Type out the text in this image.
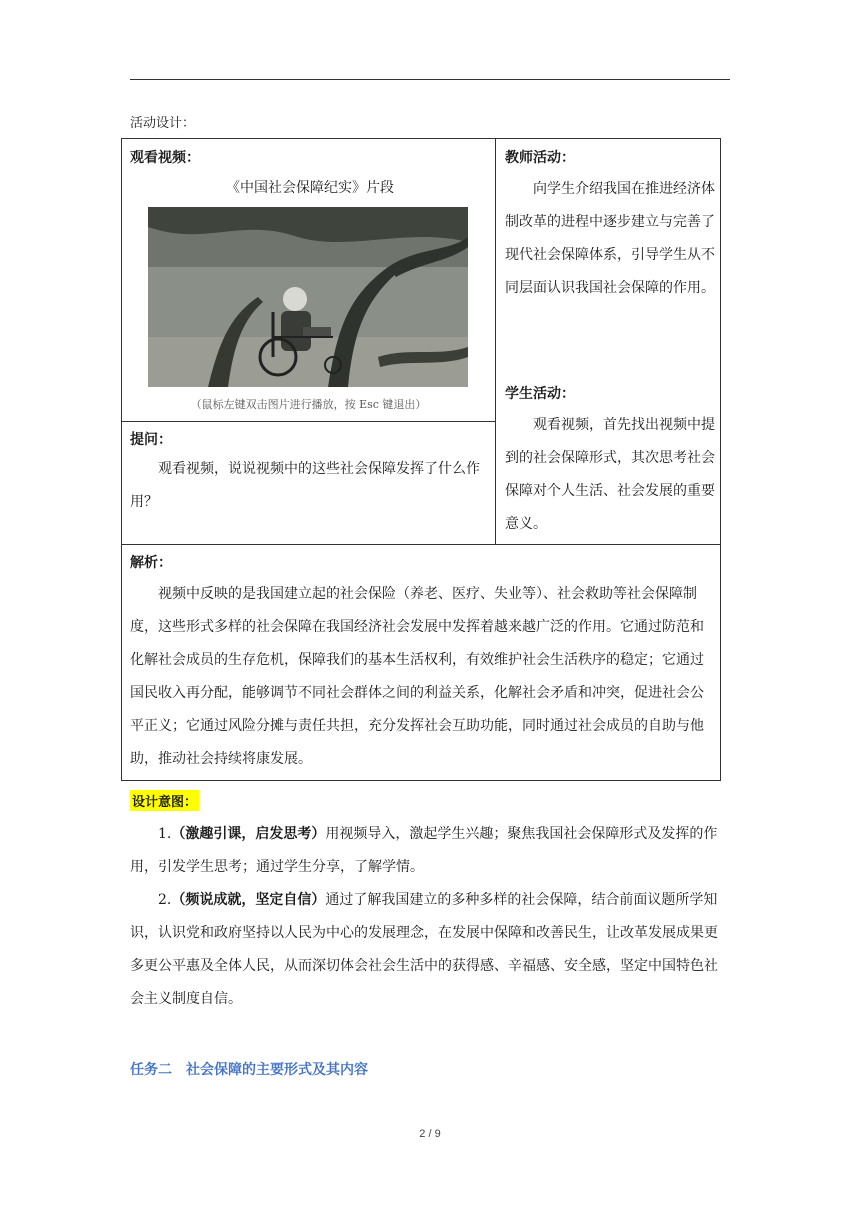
活动设计：
观看视频：
《中国社会保障纪实》片段
（鼠标左键双击图片进行播放，按 Esc 键退出）
教师活动：
向学生介绍我国在推进经济体制改革的进程中逐步建立与完善了现代社会保障体系，引导学生从不同层面认识我国社会保障的作用。
学生活动：
观看视频，首先找出视频中提到的社会保障形式，其次思考社会保障对个人生活、社会发展的重要意义。
提问：
观看视频，说说视频中的这些社会保障发挥了什么作用？
解析：
视频中反映的是我国建立起的社会保险（养老、医疗、失业等）、社会救助等社会保障制度，这些形式多样的社会保障在我国经济社会发展中发挥着越来越广泛的作用。它通过防范和化解社会成员的生存危机，保障我们的基本生活权利，有效维护社会生活秩序的稳定；它通过国民收入再分配，能够调节不同社会群体之间的利益关系，化解社会矛盾和冲突，促进社会公平正义；它通过风险分摊与责任共担，充分发挥社会互助功能，同时通过社会成员的自助与他助，推动社会持续将康发展。
设计意图：
1.（激趣引课，启发思考）用视频导入，激起学生兴趣；聚焦我国社会保障形式及发挥的作用，引发学生思考；通过学生分享，了解学情。
2.（频说成就，坚定自信）通过了解我国建立的多种多样的社会保障，结合前面议题所学知识，认识党和政府坚持以人民为中心的发展理念，在发展中保障和改善民生，让改革发展成果更多更公平惠及全体人民，从而深切体会社会生活中的获得感、辛福感、安全感，坚定中国特色社会主义制度自信。
任务二　社会保障的主要形式及其内容
2 / 9
